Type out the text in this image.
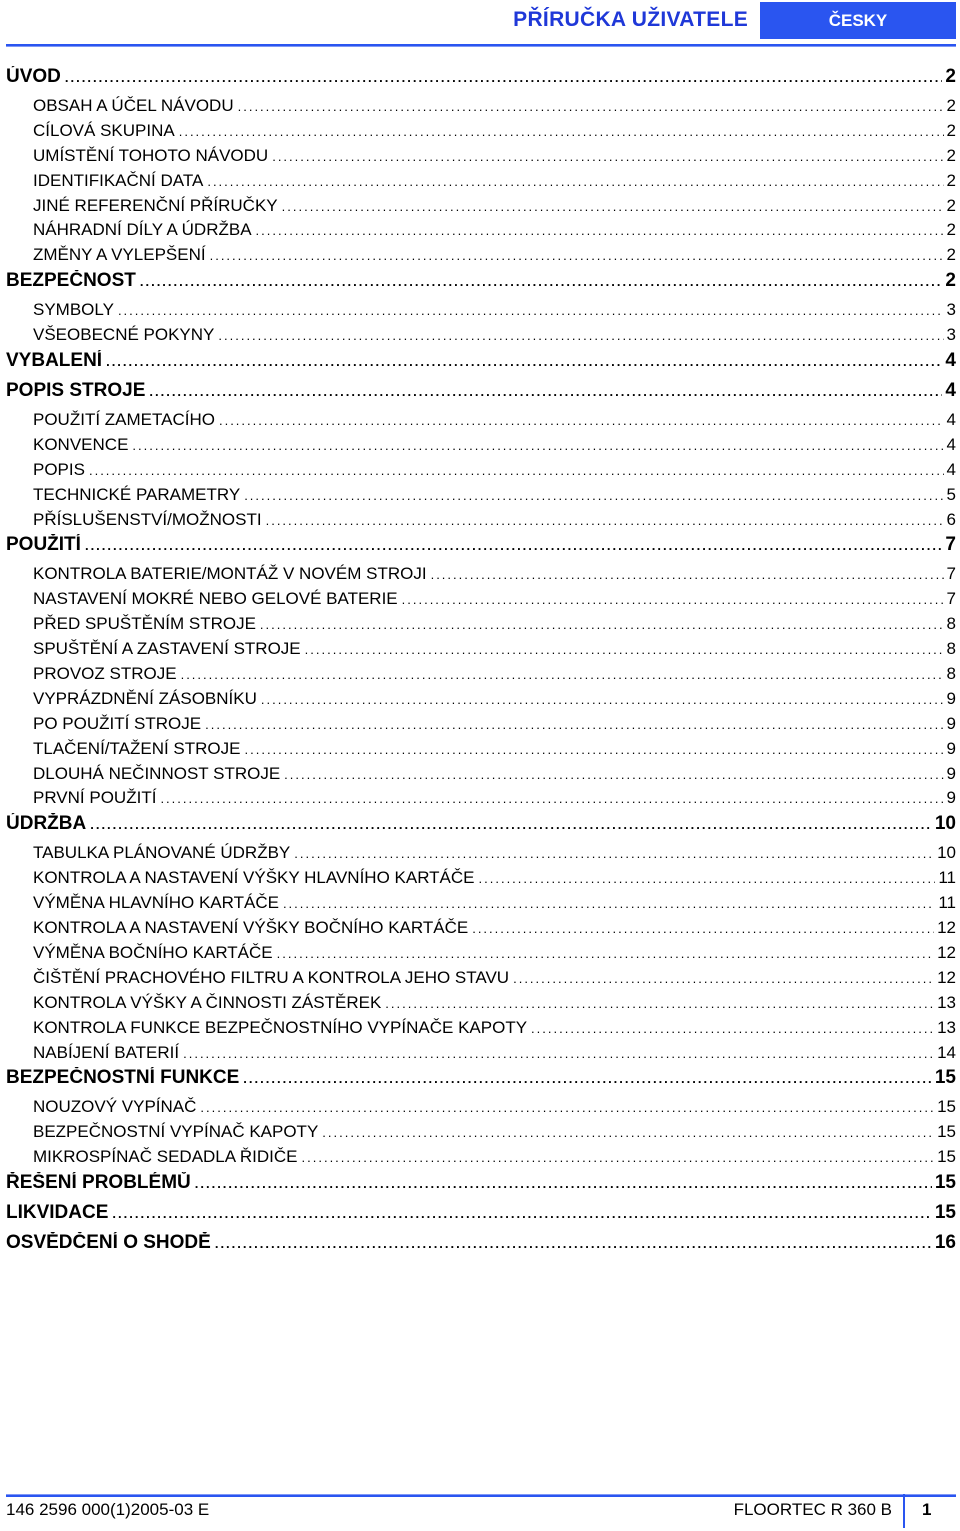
PŘÍRUČKA UŽIVATELE	ČESKY
ÚVOD .....	2
OBSAH A ÚČEL NÁVODU .....	2
CÍLOVÁ SKUPINA .....	2
UMÍSTĚNÍ TOHOTO NÁVODU .....	2
IDENTIFIKAČNÍ DATA .....	2
JINÉ REFERENČNÍ PŘÍRUČKY .....	2
NÁHRADNÍ DÍLY A ÚDRŽBA .....	2
ZMĚNY A VYLEPŠENÍ .....	2
BEZPEČNOST .....	2
SYMBOLY .....	3
VŠEOBECNÉ POKYNY .....	3
VYBALENÍ .....	4
POPIS STROJE .....	4
POUŽITÍ ZAMETACÍHO .....	4
KONVENCE .....	4
POPIS .....	4
TECHNICKÉ PARAMETRY .....	5
PŘÍSLUŠENSTVÍ/MOŽNOSTI .....	6
POUŽITÍ .....	7
KONTROLA BATERIE/MONTÁŽ V NOVÉM STROJI .....	7
NASTAVENÍ MOKRÉ NEBO GELOVÉ BATERIE .....	7
PŘED SPUŠTĚNÍM STROJE .....	8
SPUŠTĚNÍ A ZASTAVENÍ STROJE .....	8
PROVOZ STROJE .....	8
VYPRÁZDNĚNÍ ZÁSOBNÍKU .....	9
PO POUŽITÍ STROJE .....	9
TLAČENÍ/TAŽENÍ STROJE .....	9
DLOUHÁ NEČINNOST STROJE .....	9
PRVNÍ POUŽITÍ .....	9
ÚDRŽBA .....	10
TABULKA PLÁNOVANÉ ÚDRŽBY .....	10
KONTROLA A NASTAVENÍ VÝŠKY HLAVNÍHO KARTÁČE .....	11
VÝMĚNA HLAVNÍHO KARTÁČE .....	11
KONTROLA A NASTAVENÍ VÝŠKY BOČNÍHO KARTÁČE .....	12
VÝMĚNA BOČNÍHO KARTÁČE .....	12
ČIŠTĚNÍ PRACHOVÉHO FILTRU A KONTROLA JEHO STAVU .....	12
KONTROLA VÝŠKY A ČINNOSTI ZÁSTĚREK .....	13
KONTROLA FUNKCE BEZPEČNOSTNÍHO VYPÍNAČE KAPOTY .....	13
NABÍJENÍ BATERIÍ .....	14
BEZPEČNOSTNÍ FUNKCE .....	15
NOUZOVÝ VYPÍNAČ .....	15
BEZPEČNOSTNÍ VYPÍNAČ KAPOTY .....	15
MIKROSPÍNAČ SEDADLA ŘIDIČE .....	15
ŘEŠENÍ PROBLÉMŮ .....	15
LIKVIDACE .....	15
OSVĚDČENÍ O SHODĚ .....	16
146 2596 000(1)2005-03 E	FLOORTEC R 360 B 1
